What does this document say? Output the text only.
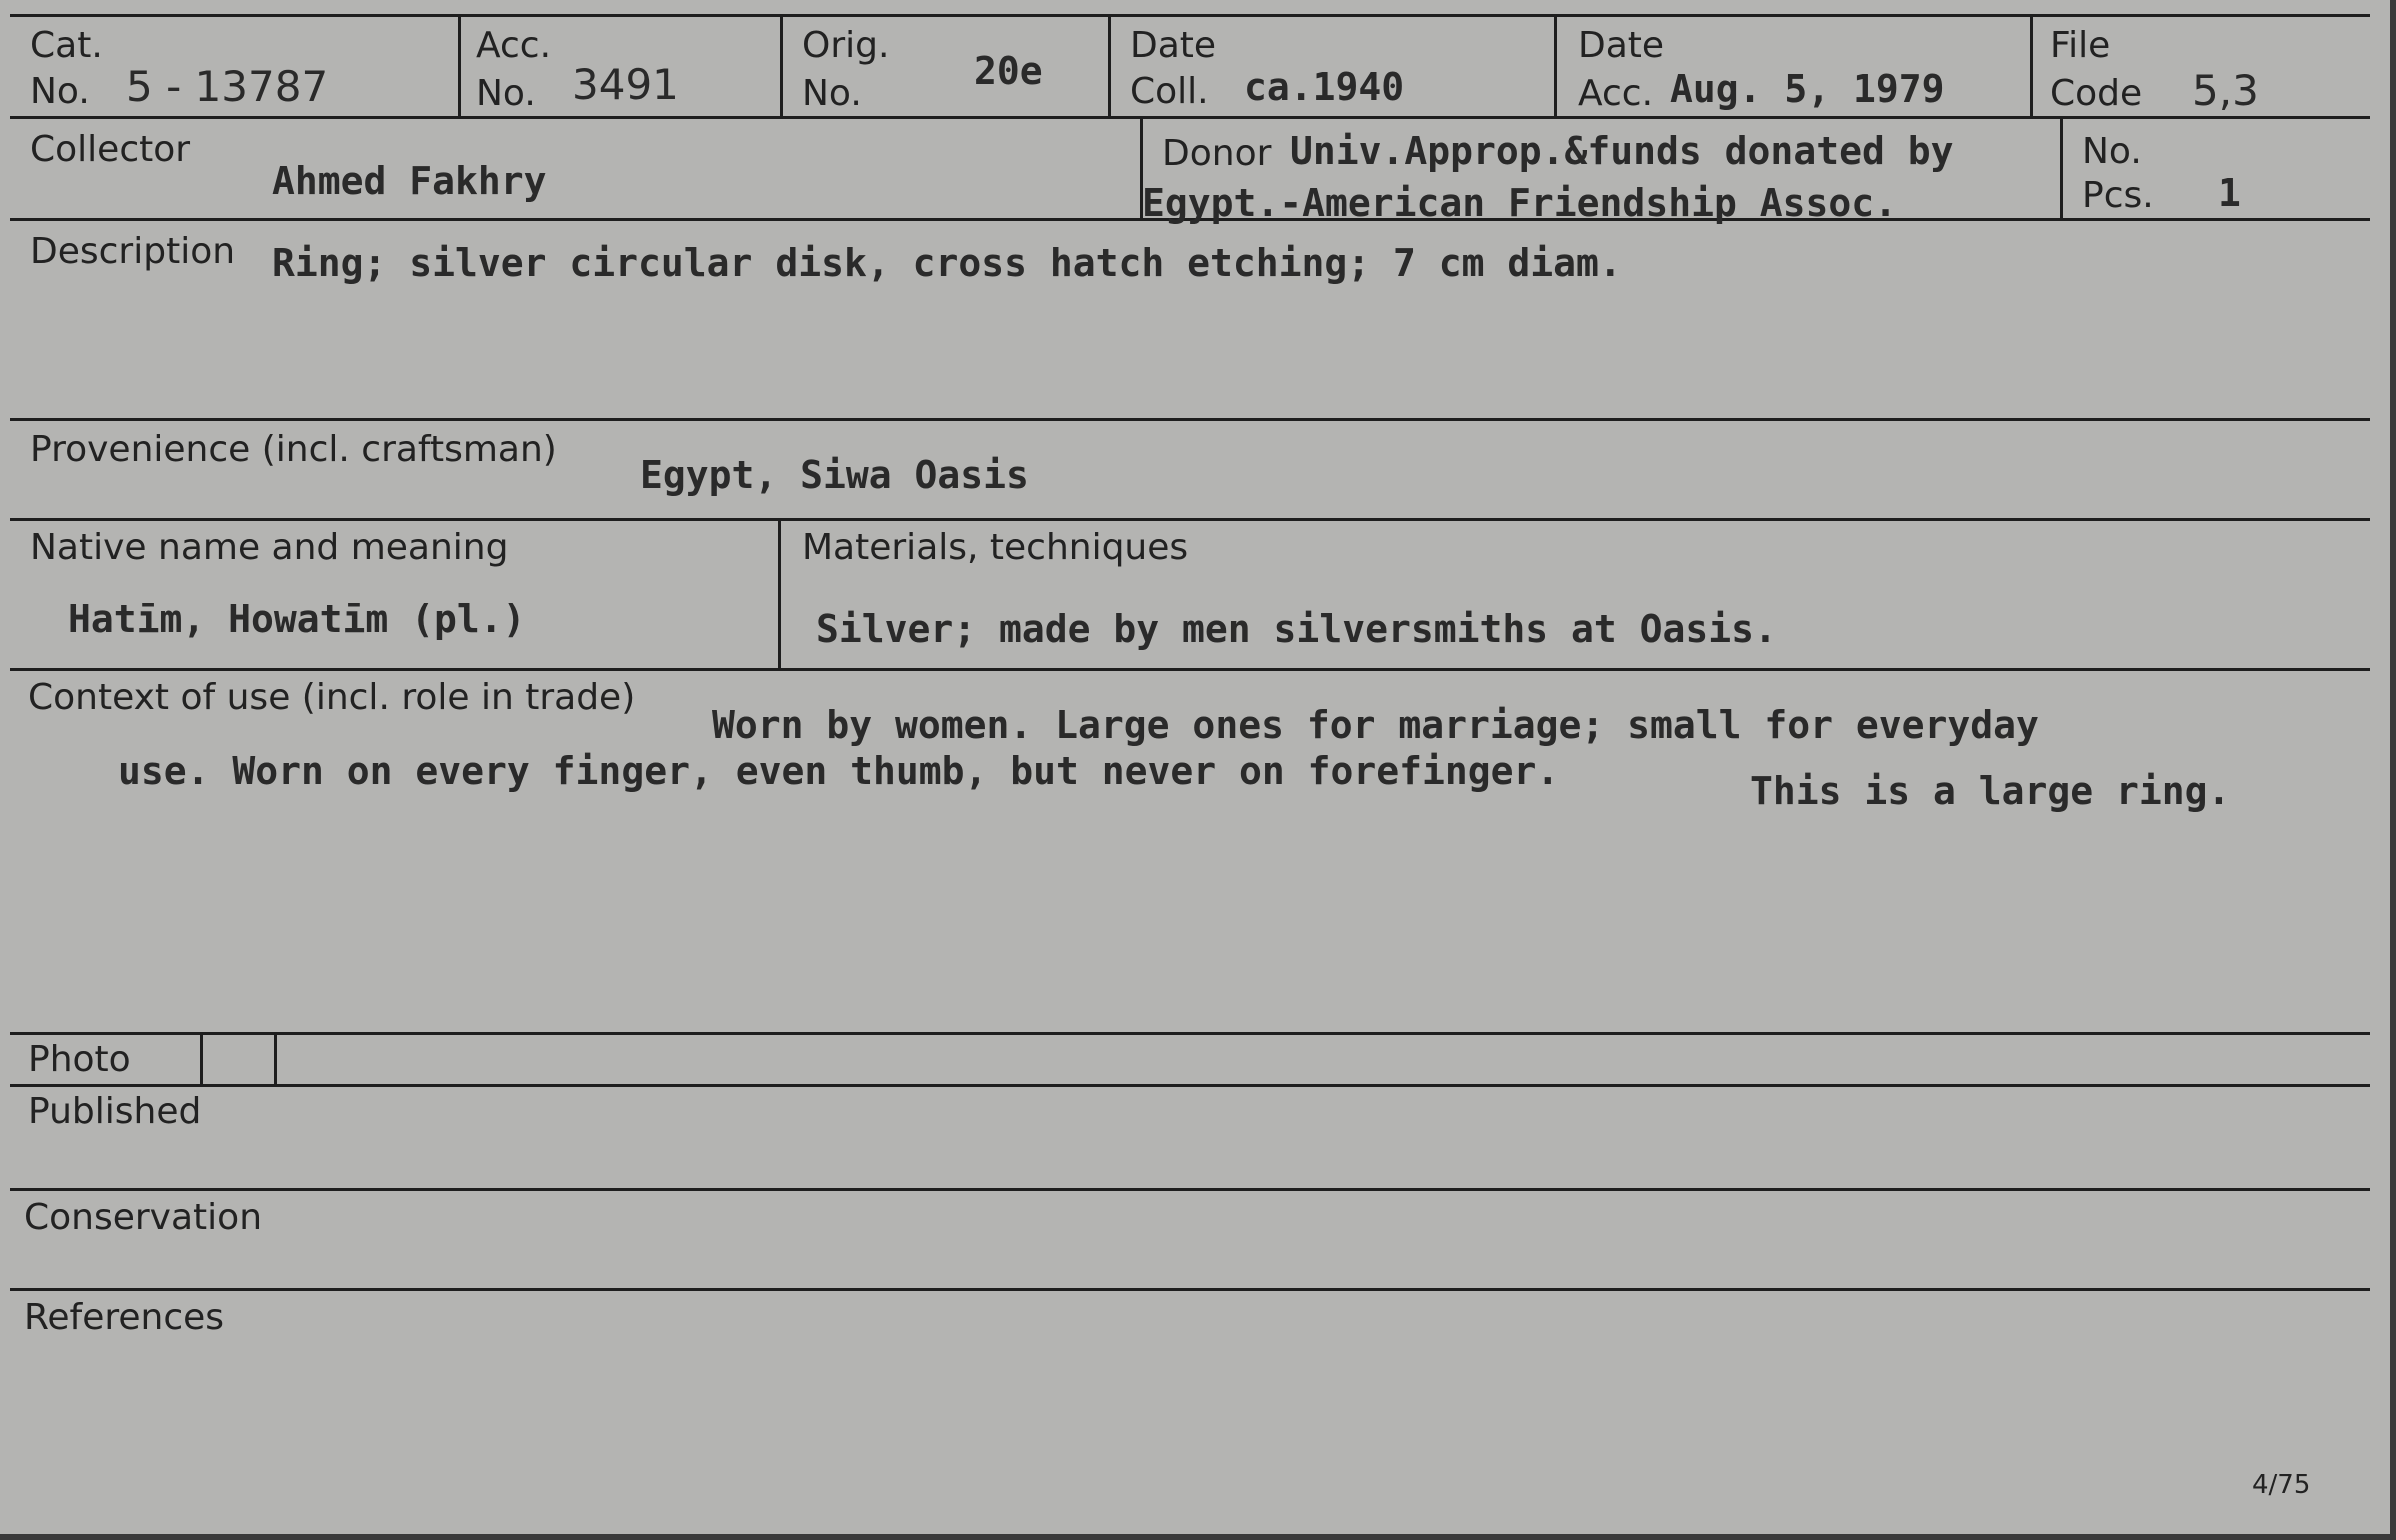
Cat.
No. 5 - 13787
Acc.
No. 3491
Orig.
No.
20e
Date
Coll. ca.1940
Date
Acc. Aug. 5, 1979
File
Code 5,3
Collector
Ahmed Fakhry
Donor Univ.Approp.&funds donated by
Egypt.-American Friendship Assoc.
No.
Pcs. 1
Description Ring; silver circular disk, cross hatch etching; 7 cm diam.
Provenience (incl. craftsman)
Egypt, Siwa Oasis
Native name and meaning
Hatīm, Howatīm (pl.)
Materials, techniques
Silver; made by men silversmiths at Oasis.
Context of use (incl. role in trade)
Worn by women. Large ones for marriage; small for everyday
use. Worn on every finger, even thumb, but never on forefinger.	This is a large ring.
Photo
Published
Conservation
References
4/75
